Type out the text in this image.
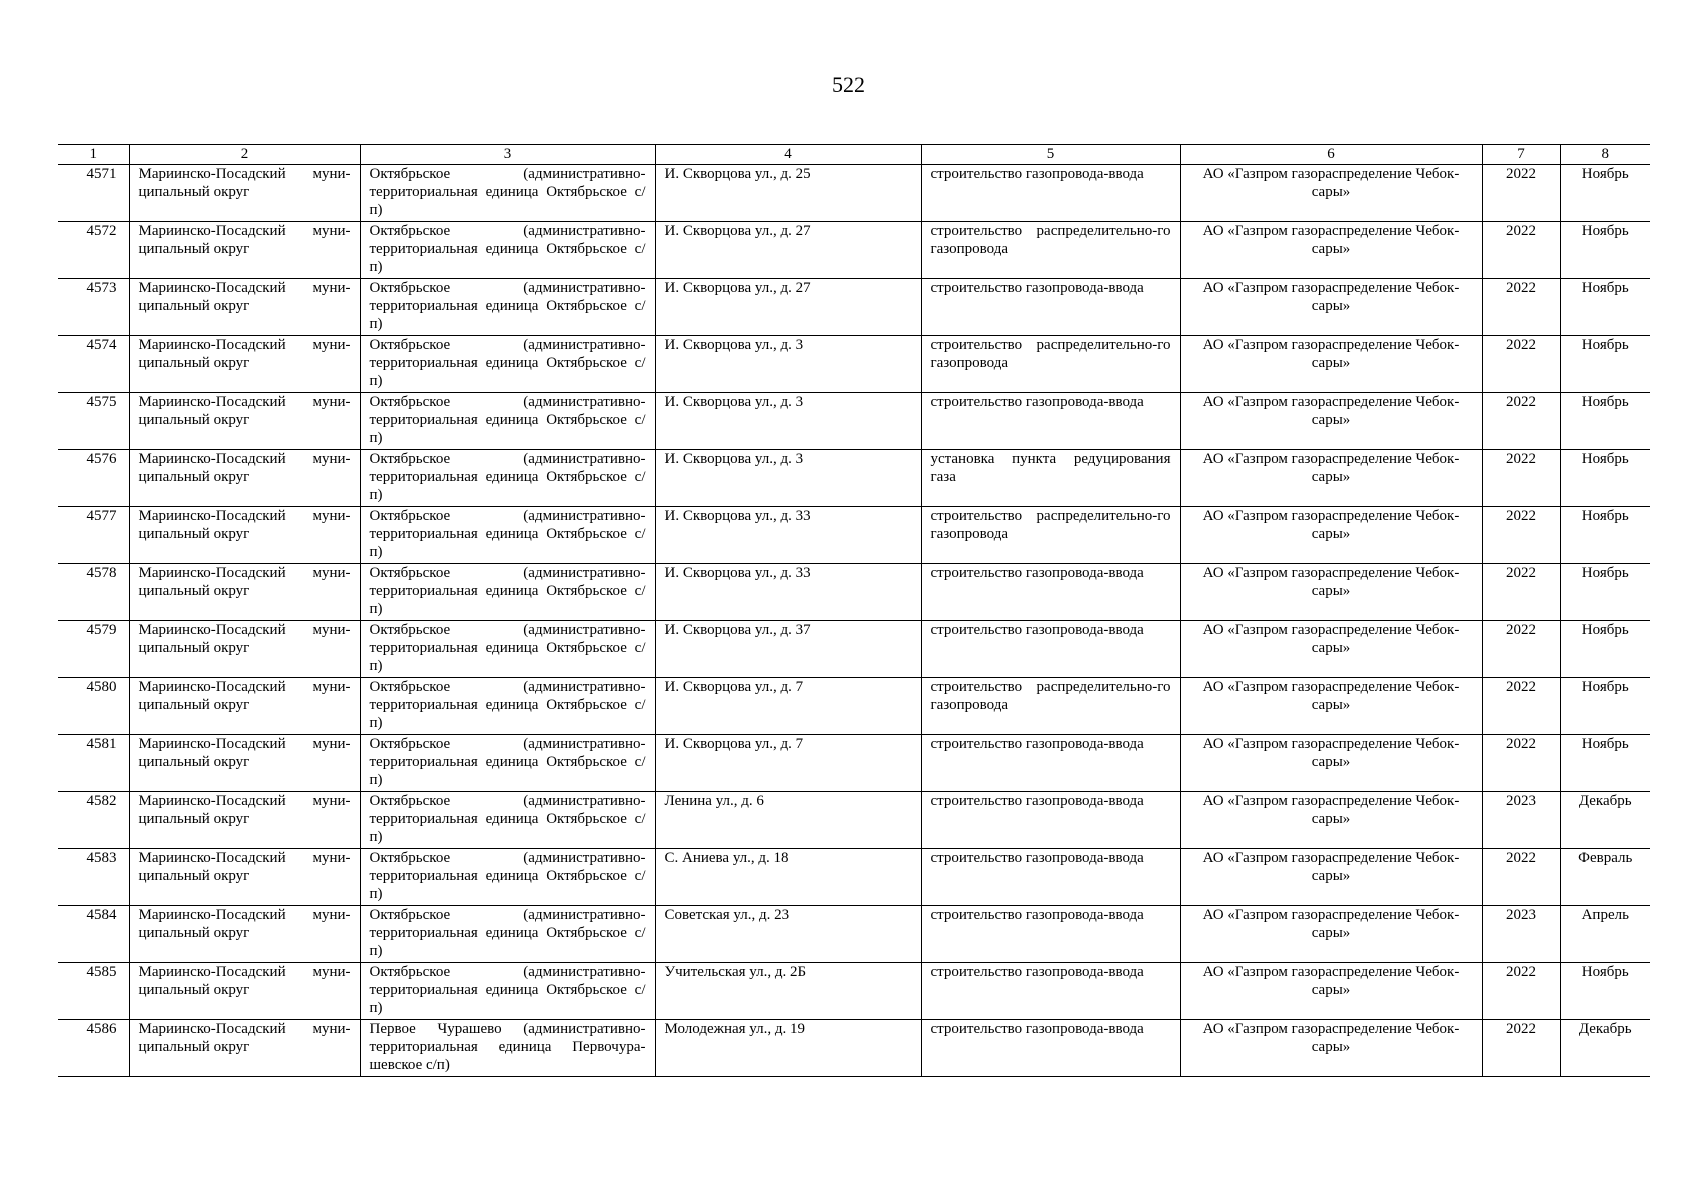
522
1	2	3	4	5	6	7	8
4571	Мариинско-Посадский муни-ципальный округ	Октябрьское (административно-территориальная единица Октябрьское с/п)	И. Скворцова ул., д. 25	строительство газопровода-ввода	АО «Газпром газораспределение Чебок-сары»	2022	Ноябрь
4572	Мариинско-Посадский муни-ципальный округ	Октябрьское (административно-территориальная единица Октябрьское с/п)	И. Скворцова ул., д. 27	строительство распределительно-го газопровода	АО «Газпром газораспределение Чебок-сары»	2022	Ноябрь
4573	Мариинско-Посадский муни-ципальный округ	Октябрьское (административно-территориальная единица Октябрьское с/п)	И. Скворцова ул., д. 27	строительство газопровода-ввода	АО «Газпром газораспределение Чебок-сары»	2022	Ноябрь
4574	Мариинско-Посадский муни-ципальный округ	Октябрьское (административно-территориальная единица Октябрьское с/п)	И. Скворцова ул., д. 3	строительство распределительно-го газопровода	АО «Газпром газораспределение Чебок-сары»	2022	Ноябрь
4575	Мариинско-Посадский муни-ципальный округ	Октябрьское (административно-территориальная единица Октябрьское с/п)	И. Скворцова ул., д. 3	строительство газопровода-ввода	АО «Газпром газораспределение Чебок-сары»	2022	Ноябрь
4576	Мариинско-Посадский муни-ципальный округ	Октябрьское (административно-территориальная единица Октябрьское с/п)	И. Скворцова ул., д. 3	установка пункта редуцирования газа	АО «Газпром газораспределение Чебок-сары»	2022	Ноябрь
4577	Мариинско-Посадский муни-ципальный округ	Октябрьское (административно-территориальная единица Октябрьское с/п)	И. Скворцова ул., д. 33	строительство распределительно-го газопровода	АО «Газпром газораспределение Чебок-сары»	2022	Ноябрь
4578	Мариинско-Посадский муни-ципальный округ	Октябрьское (административно-территориальная единица Октябрьское с/п)	И. Скворцова ул., д. 33	строительство газопровода-ввода	АО «Газпром газораспределение Чебок-сары»	2022	Ноябрь
4579	Мариинско-Посадский муни-ципальный округ	Октябрьское (административно-территориальная единица Октябрьское с/п)	И. Скворцова ул., д. 37	строительство газопровода-ввода	АО «Газпром газораспределение Чебок-сары»	2022	Ноябрь
4580	Мариинско-Посадский муни-ципальный округ	Октябрьское (административно-территориальная единица Октябрьское с/п)	И. Скворцова ул., д. 7	строительство распределительно-го газопровода	АО «Газпром газораспределение Чебок-сары»	2022	Ноябрь
4581	Мариинско-Посадский муни-ципальный округ	Октябрьское (административно-территориальная единица Октябрьское с/п)	И. Скворцова ул., д. 7	строительство газопровода-ввода	АО «Газпром газораспределение Чебок-сары»	2022	Ноябрь
4582	Мариинско-Посадский муни-ципальный округ	Октябрьское (административно-территориальная единица Октябрьское с/п)	Ленина ул., д. 6	строительство газопровода-ввода	АО «Газпром газораспределение Чебок-сары»	2023	Декабрь
4583	Мариинско-Посадский муни-ципальный округ	Октябрьское (административно-территориальная единица Октябрьское с/п)	С. Аниева ул., д. 18	строительство газопровода-ввода	АО «Газпром газораспределение Чебок-сары»	2022	Февраль
4584	Мариинско-Посадский муни-ципальный округ	Октябрьское (административно-территориальная единица Октябрьское с/п)	Советская ул., д. 23	строительство газопровода-ввода	АО «Газпром газораспределение Чебок-сары»	2023	Апрель
4585	Мариинско-Посадский муни-ципальный округ	Октябрьское (административно-территориальная единица Октябрьское с/п)	Учительская ул., д. 2Б	строительство газопровода-ввода	АО «Газпром газораспределение Чебок-сары»	2022	Ноябрь
4586	Мариинско-Посадский муни-ципальный округ	Первое Чурашево (административно-территориальная единица Первочура-шевское с/п)	Молодежная ул., д. 19	строительство газопровода-ввода	АО «Газпром газораспределение Чебок-сары»	2022	Декабрь
